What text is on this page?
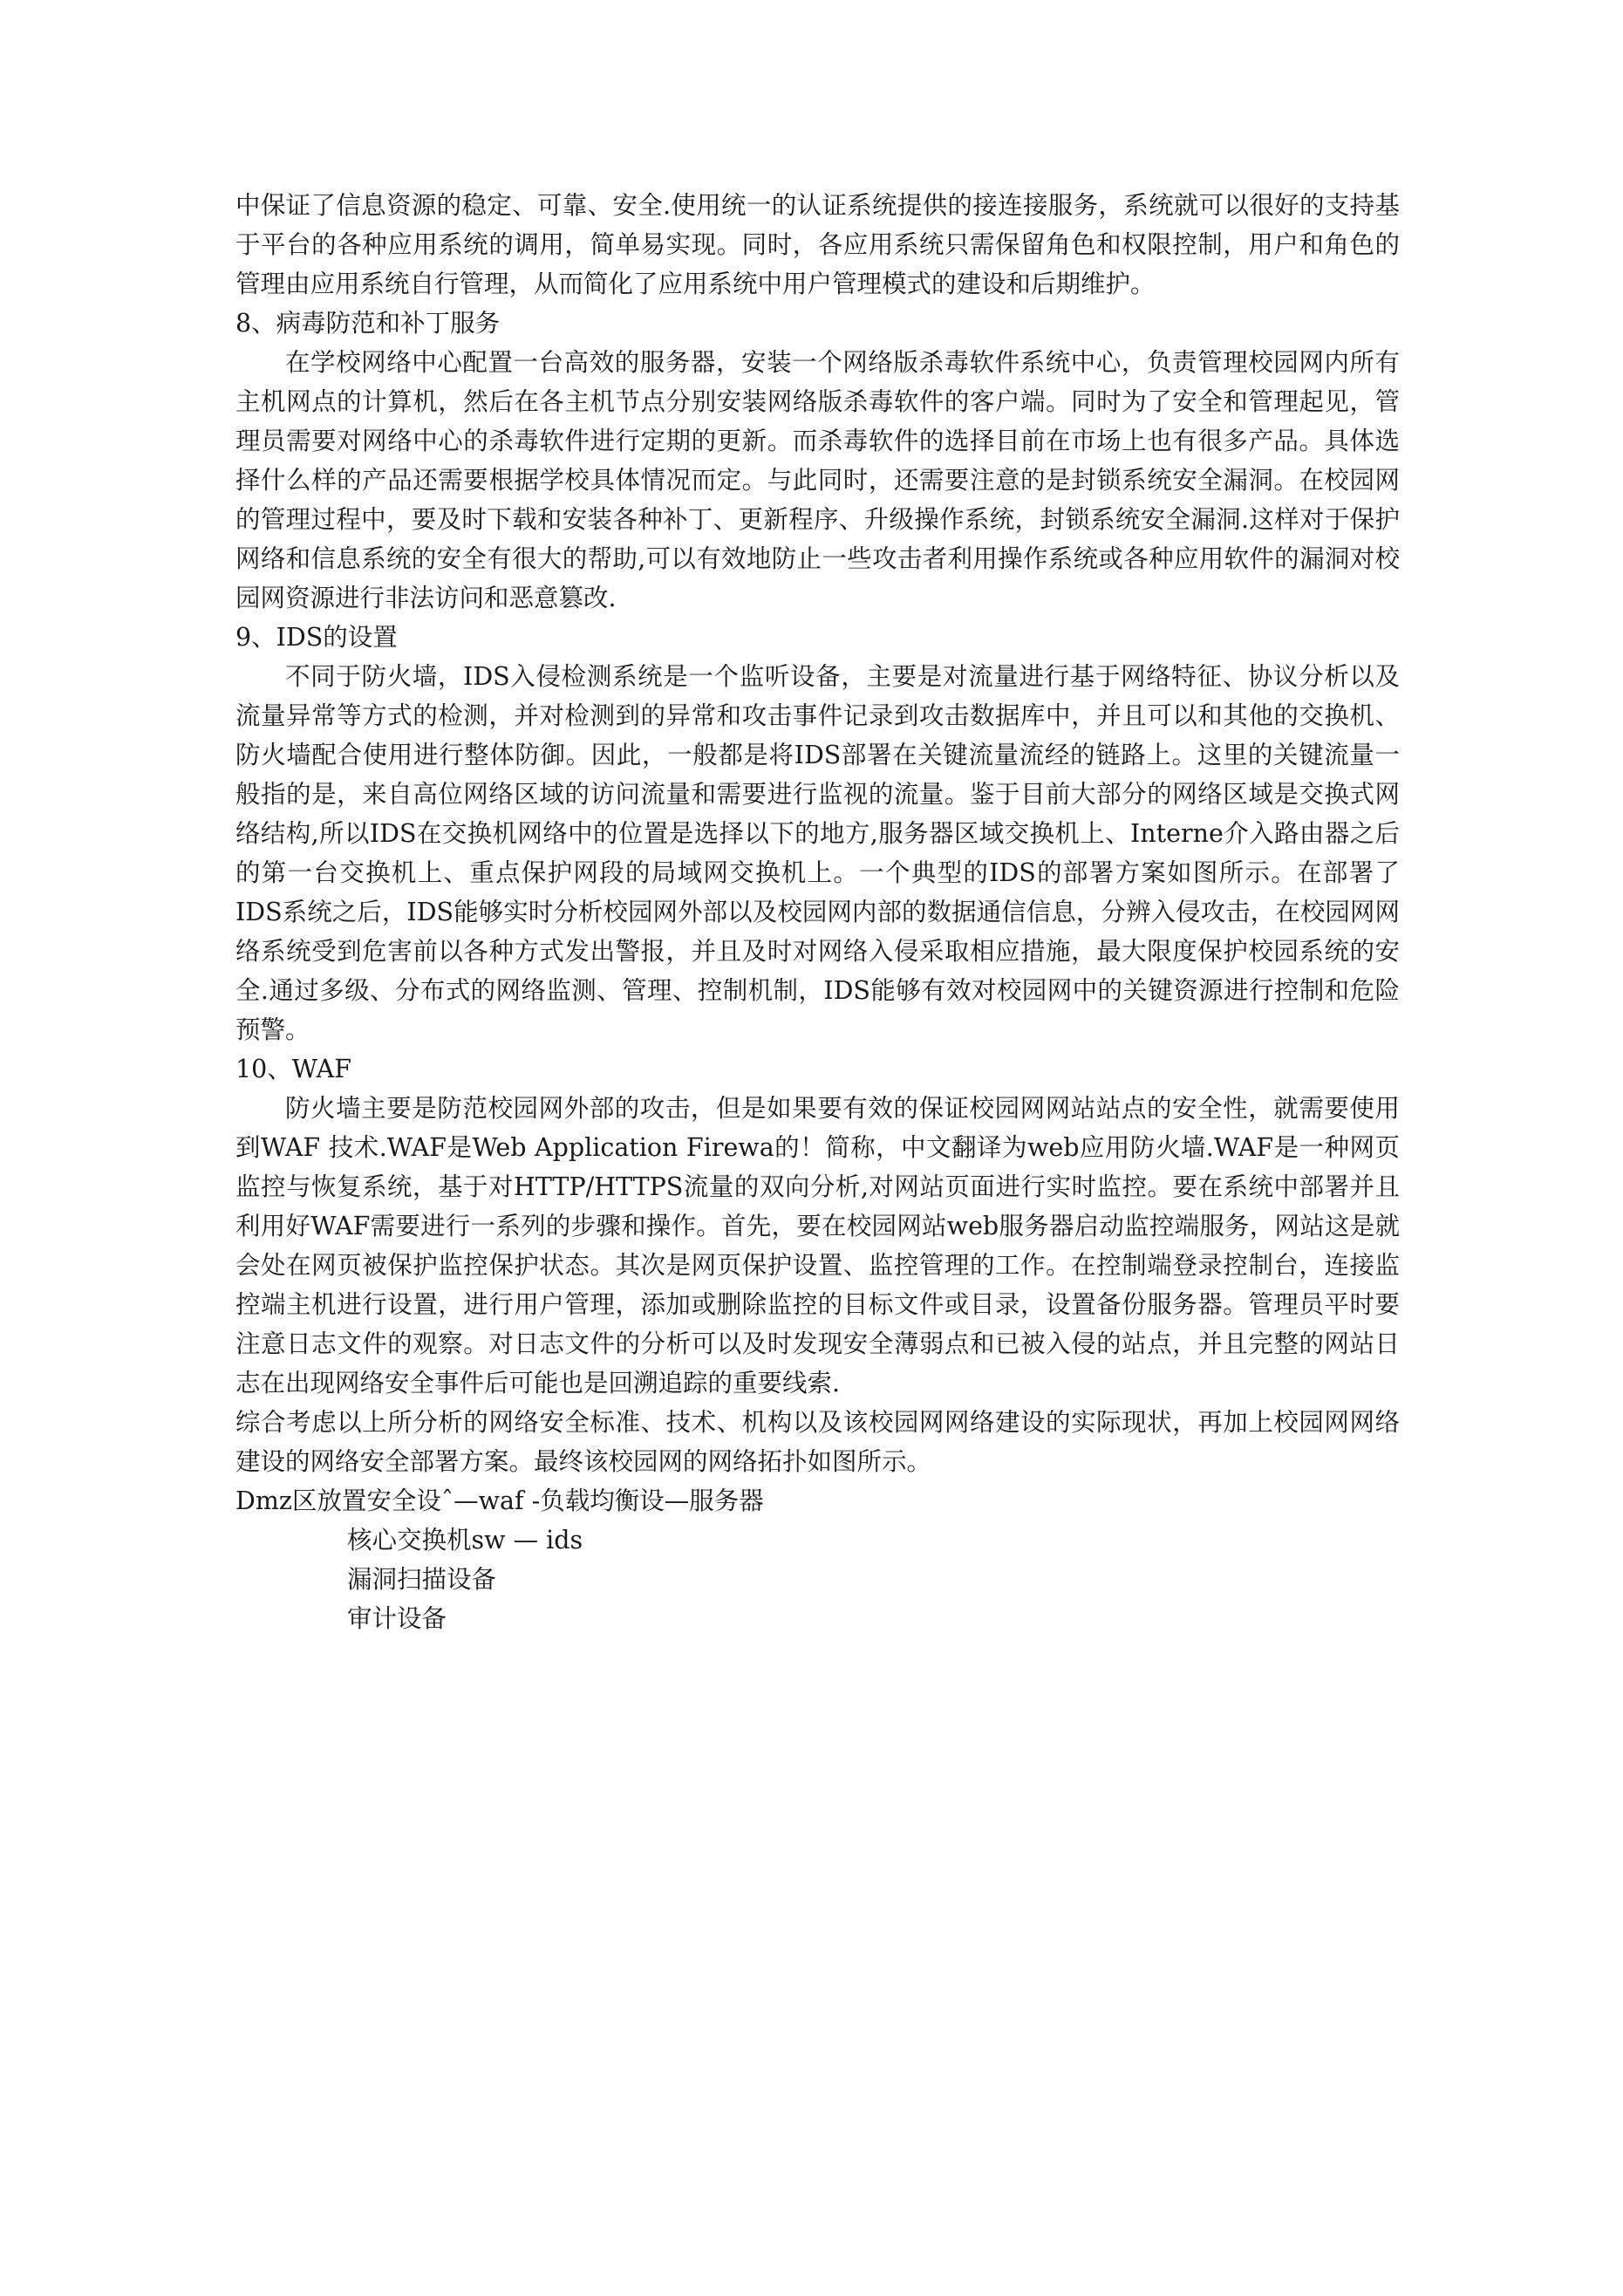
中保证了信息资源的稳定、可靠、安全.使用统一的认证系统提供的接连接服务，系统就可以很好的支持基于平台的各种应用系统的调用，简单易实现。同时，各应用系统只需保留角色和权限控制，用户和角色的管理由应用系统自行管理，从而简化了应用系统中用户管理模式的建设和后期维护。

8、病毒防范和补丁服务

在学校网络中心配置一台高效的服务器，安装一个网络版杀毒软件系统中心，负责管理校园网内所有主机网点的计算机，然后在各主机节点分别安装网络版杀毒软件的客户端。同时为了安全和管理起见，管理员需要对网络中心的杀毒软件进行定期的更新。而杀毒软件的选择目前在市场上也有很多产品。具体选择什么样的产品还需要根据学校具体情况而定。与此同时，还需要注意的是封锁系统安全漏洞。在校园网的管理过程中，要及时下载和安装各种补丁、更新程序、升级操作系统，封锁系统安全漏洞.这样对于保护网络和信息系统的安全有很大的帮助,可以有效地防止一些攻击者利用操作系统或各种应用软件的漏洞对校园网资源进行非法访问和恶意篡改.

9、IDS的设置

不同于防火墙，IDS入侵检测系统是一个监听设备，主要是对流量进行基于网络特征、协议分析以及流量异常等方式的检测，并对检测到的异常和攻击事件记录到攻击数据库中，并且可以和其他的交换机、防火墙配合使用进行整体防御。因此，一般都是将IDS部署在关键流量流经的链路上。这里的关键流量一般指的是，来自高位网络区域的访问流量和需要进行监视的流量。鉴于目前大部分的网络区域是交换式网络结构,所以IDS在交换机网络中的位置是选择以下的地方,服务器区域交换机上、Interne介入路由器之后的第一台交换机上、重点保护网段的局域网交换机上。一个典型的IDS的部署方案如图所示。在部署了 IDS系统之后，IDS能够实时分析校园网外部以及校园网内部的数据通信信息，分辨入侵攻击，在校园网网络系统受到危害前以各种方式发出警报，并且及时对网络入侵采取相应措施，最大限度保护校园系统的安全.通过多级、分布式的网络监测、管理、控制机制，IDS能够有效对校园网中的关键资源进行控制和危险预警。

10、WAF

防火墙主要是防范校园网外部的攻击，但是如果要有效的保证校园网网站站点的安全性，就需要使用到WAF 技术.WAF是Web Application Firewa的！简称，中文翻译为web应用防火墙.WAF是一种网页监控与恢复系统，基于对HTTP/HTTPS流量的双向分析,对网站页面进行实时监控。要在系统中部署并且利用好WAF需要进行一系列的步骤和操作。首先，要在校园网站web服务器启动监控端服务，网站这是就会处在网页被保护监控保护状态。其次是网页保护设置、监控管理的工作。在控制端登录控制台，连接监控端主机进行设置，进行用户管理，添加或删除监控的目标文件或目录，设置备份服务器。管理员平时要注意日志文件的观察。对日志文件的分析可以及时发现安全薄弱点和已被入侵的站点，并且完整的网站日志在出现网络安全事件后可能也是回溯追踪的重要线索.

综合考虑以上所分析的网络安全标准、技术、机构以及该校园网网络建设的实际现状，再加上校园网网络建设的网络安全部署方案。最终该校园网的网络拓扑如图所示。

Dmz区放置安全设ˆ—waf -负载均衡设—服务器

核心交换机sw — ids

漏洞扫描设备

审计设备
